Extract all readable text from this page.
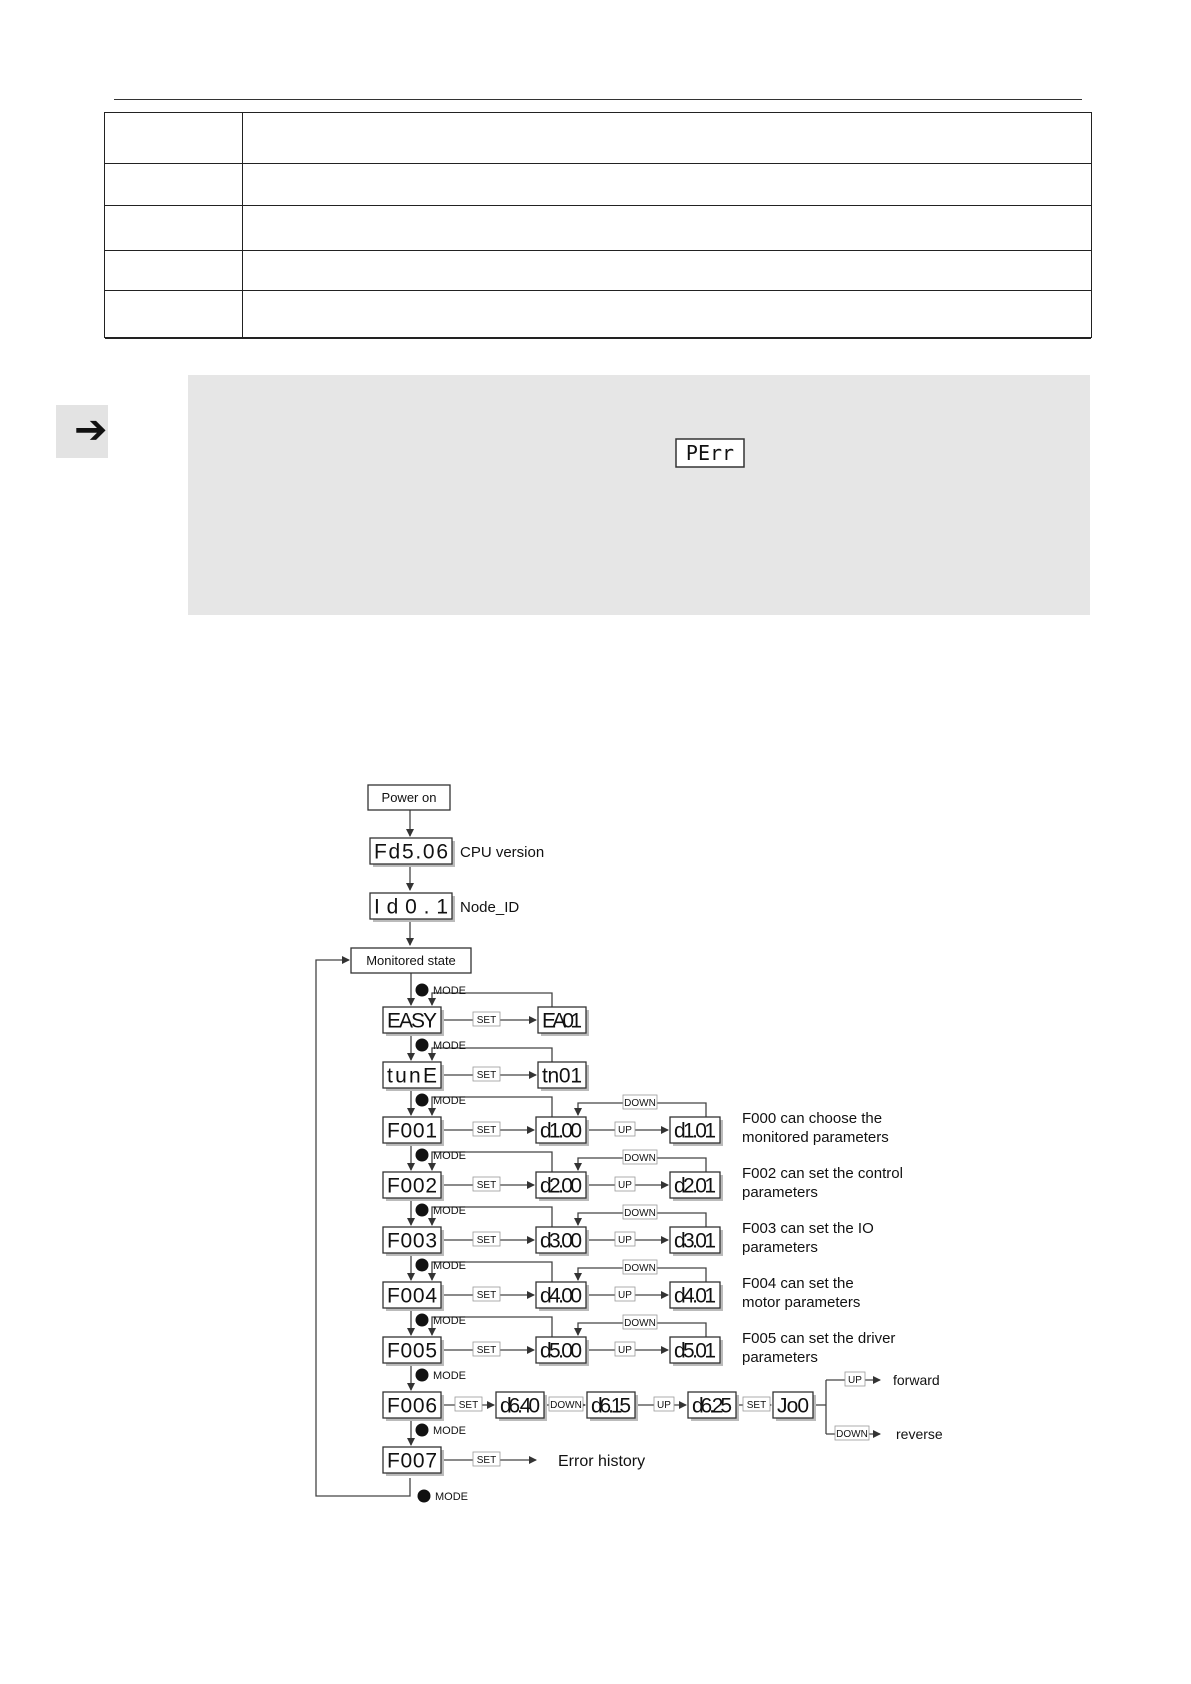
➔	PErr
Power on
Fd5.06 CPU version
Id0.1 Node_ID
Monitored state
MODE
EASY	SET EA01
MODE
tunE	SET tn01
MODE
F001	SET d1.00	UP d1.01
DOWN
F000 can choose the
monitored parameters
MODE
F002	SET d2.00	UP d2.01
DOWN
F002 can set the control
parameters
MODE
F003	SET d3.00	UP d3.01
DOWN
F003 can set the IO
parameters
MODE
F004	SET d4.00	UP d4.01
DOWN
F004 can set the
motor parameters
MODE
F005	SET d5.00	UP d5.01
DOWN
F005 can set the driver
parameters
MODE
F006 SET d6.40 DOWN d6.15	UP d6.25 SET Jo0
UP
DOWN
forward
reverse
MODE
F007	SET	Error history
MODE
